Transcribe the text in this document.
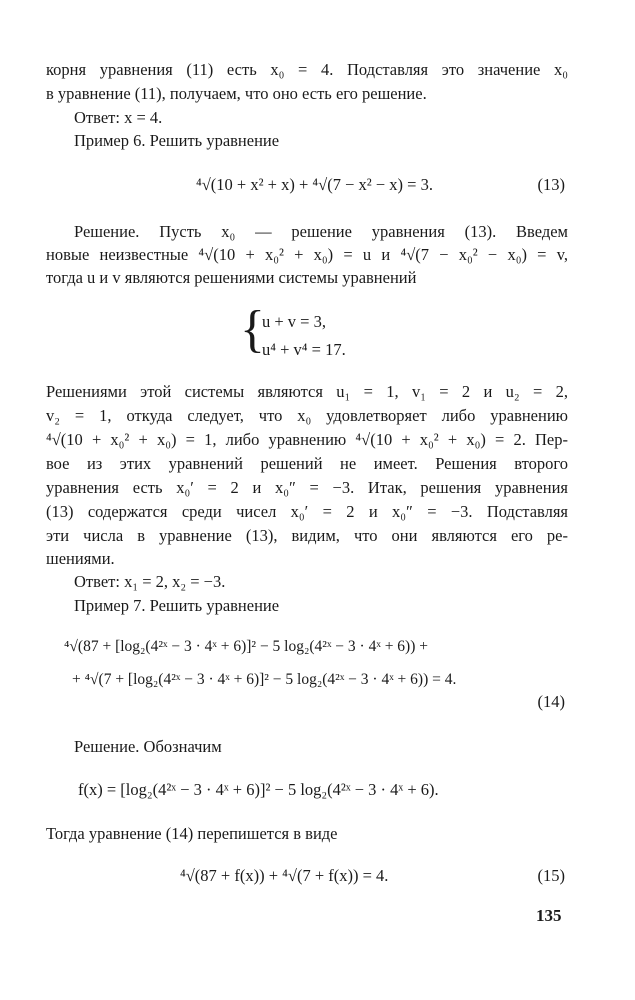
корня уравнения (11) есть x₀ = 4. Подставляя это значение x₀
в уравнение (11), получаем, что оно есть его решение.
Ответ: x = 4.
Пример 6. Решить уравнение
⁴√(10 + x² + x) + ⁴√(7 − x² − x) = 3.	(13)
Решение. Пусть x₀ — решение уравнения (13). Введем
новые неизвестные ⁴√(10 + x₀² + x₀) = u и ⁴√(7 − x₀² − x₀) = v,
тогда u и v являются решениями системы уравнений
{
u + v = 3,
u⁴ + v⁴ = 17.
Решениями этой системы являются u₁ = 1, v₁ = 2 и u₂ = 2,
v₂ = 1, откуда следует, что x₀ удовлетворяет либо уравнению
⁴√(10 + x₀² + x₀) = 1, либо уравнению ⁴√(10 + x₀² + x₀) = 2. Пер-
вое из этих уравнений решений не имеет. Решения второго
уравнения есть x₀′ = 2 и x₀″ = −3. Итак, решения уравнения
(13) содержатся среди чисел x₀′ = 2 и x₀″ = −3. Подставляя
эти числа в уравнение (13), видим, что они являются его ре-
шениями.
Ответ: x₁ = 2, x₂ = −3.
Пример 7. Решить уравнение
⁴√(87 + [log₂(4²ˣ − 3 · 4ˣ + 6)]² − 5 log₂(4²ˣ − 3 · 4ˣ + 6)) +
+ ⁴√(7 + [log₂(4²ˣ − 3 · 4ˣ + 6)]² − 5 log₂(4²ˣ − 3 · 4ˣ + 6)) = 4.
(14)
Решение. Обозначим
f(x) = [log₂(4²ˣ − 3 · 4ˣ + 6)]² − 5 log₂(4²ˣ − 3 · 4ˣ + 6).
Тогда уравнение (14) перепишется в виде
⁴√(87 + f(x)) + ⁴√(7 + f(x)) = 4.	(15)
135
